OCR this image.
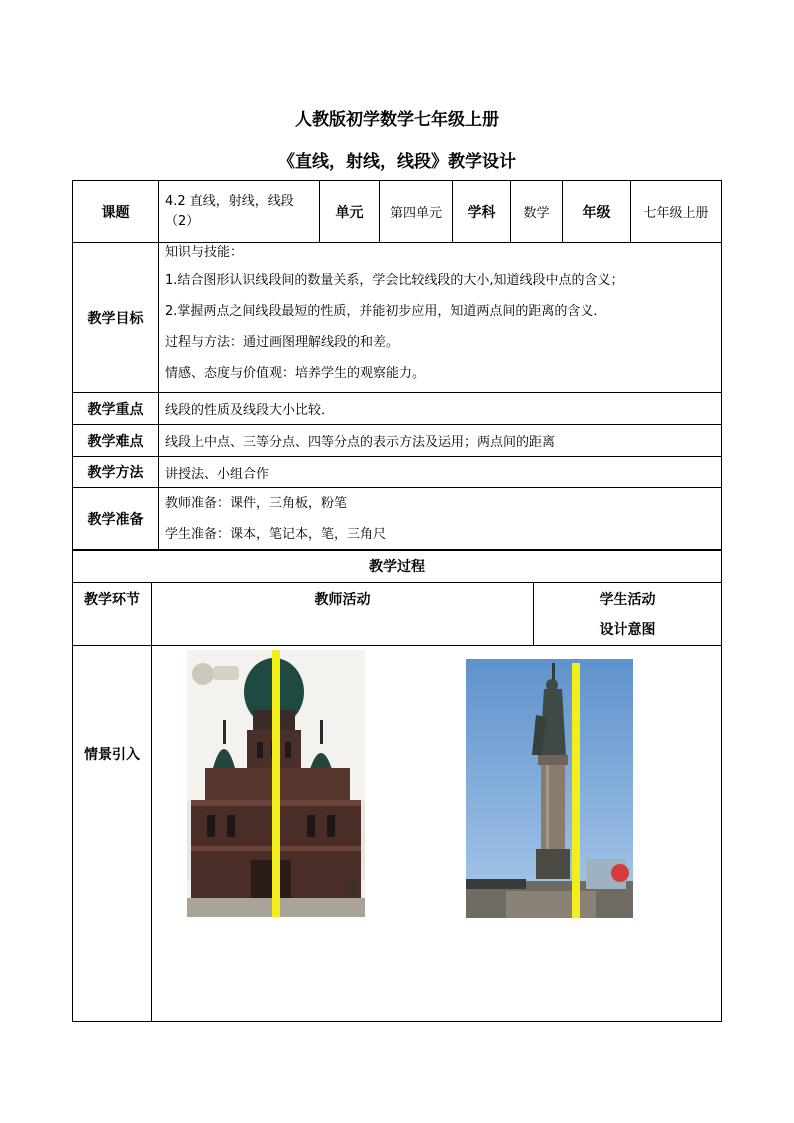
人教版初学数学七年级上册
《直线，射线，线段》教学设计
课题	4.2 直线，射线，线段（2）	单元	第四单元	学科	数学	年级	七年级上册
教学目标	知识与技能：
1.结合图形认识线段间的数量关系，学会比较线段的大小,知道线段中点的含义；
2.掌握两点之间线段最短的性质，并能初步应用，知道两点间的距离的含义．
过程与方法：通过画图理解线段的和差。
情感、态度与价值观：培养学生的观察能力。						

教学重点	线段的性质及线段大小比较．						
教学难点	线段上中点、三等分点、四等分点的表示方法及运用；两点间的距离						
教学方法	讲授法、小组合作						
教学准备	教师准备：课件，三角板，粉笔
学生准备：课本，笔记本，笔，三角尺						
教学过程		
教学环节	教师活动	学生活动
设计意图

情景引入		
